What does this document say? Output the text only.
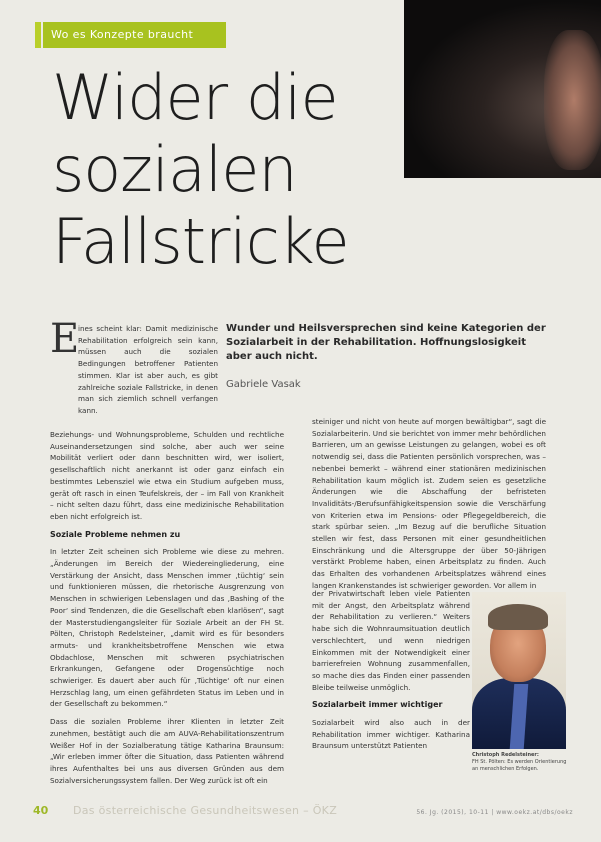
Wo es Konzepte braucht
Wider die
sozialen
Fallstricke
E

ines scheint klar: Damit medizinische Rehabilitation erfolgreich sein kann, müssen auch die sozialen Bedingungen betroffener Patienten stimmen. Klar ist aber auch, es gibt zahlreiche soziale Fallstricke, in denen man sich ziemlich schnell verfangen kann.

Wunder und Heilsversprechen sind keine Kategorien der Sozialarbeit in der Rehabilitation. Hoffnungslosigkeit aber auch nicht.
Gabriele Vasak

Beziehungs- und Wohnungsprobleme, Schulden und rechtliche Auseinandersetzungen sind solche, aber auch wer seine Mobilität verliert oder dann beschnitten wird, wer isoliert, gesellschaftlich nicht anerkannt ist oder ganz einfach ein bestimmtes Lebensziel wie etwa ein Studium aufgeben muss, gerät oft rasch in einen Teufelskreis, der – im Fall von Krankheit – nicht selten dazu führt, dass eine medizinische Rehabilitation eben nicht erfolgreich ist.

Soziale Probleme nehmen zu

In letzter Zeit scheinen sich Probleme wie diese zu mehren. „Änderungen im Bereich der Wiedereingliederung, eine Verstärkung der Ansicht, dass Menschen immer ‚tüchtig‘ sein und funktionieren müssen, die rhetorische Ausgrenzung von Menschen in schwierigen Lebenslagen und das ‚Bashing of the Poor‘ sind Tendenzen, die die Gesellschaft eben klarlösen“, sagt der Masterstudiengangsleiter für Soziale Arbeit an der FH St. Pölten, Christoph Redelsteiner, „damit wird es für besonders armuts- und krankheitsbetroffene Menschen wie etwa Obdachlose, Menschen mit schweren psychiatrischen Erkrankungen, Gefangene oder Drogensüchtige noch schwieriger. Es dauert aber auch für ‚Tüchtige‘ oft nur einen Herzschlag lang, um einen gefährdeten Status im Leben und in der Gesellschaft zu bekommen.“

Dass die sozialen Probleme ihrer Klienten in letzter Zeit zunehmen, bestätigt auch die am AUVA-Rehabilitationszentrum Weißer Hof in der Sozialberatung tätige Katharina Braunsum: „Wir erleben immer öfter die Situation, dass Patienten während ihres Aufenthaltes bei uns aus diversen Gründen aus dem Sozialversicherungssystem fallen. Der Weg zurück ist oft ein

steiniger und nicht von heute auf morgen bewältigbar“, sagt die Sozialarbeiterin. Und sie berichtet von immer mehr behördlichen Barrieren, um an gewisse Leistungen zu gelangen, wobei es oft notwendig sei, dass die Patienten persönlich vorsprechen, was – nebenbei bemerkt – während einer stationären medizinischen Rehabilitation kaum möglich ist. Zudem seien es gesetzliche Änderungen wie die Abschaffung der befristeten Invaliditäts-/Berufsunfähigkeitspension sowie die Verschärfung von Kriterien etwa im Pensions- oder Pflegegeldbereich, die stark spürbar seien. „Im Bezug auf die berufliche Situation stellen wir fest, dass Personen mit einer gesundheitlichen Einschränkung und die Altersgruppe der über 50-Jährigen verstärkt Probleme haben, einen Arbeitsplatz zu finden. Auch das Erhalten des vorhandenen Arbeitsplatzes während eines langen Krankenstandes ist schwieriger geworden. Vor allem in

der Privatwirtschaft leben viele Patienten mit der Angst, den Arbeitsplatz während der Rehabilitation zu verlieren.“ Weiters habe sich die Wohnraumsituation deutlich verschlechtert, und wenn niedrigen Einkommen mit der Notwendigkeit einer barrierefreien Wohnung zusammenfallen, so mache dies das Finden einer passenden Bleibe teilweise unmöglich.

Sozialarbeit immer wichtiger

Sozialarbeit wird also auch in der Rehabilitation immer wichtiger. Katharina Braunsum unterstützt Patienten

Christoph Redelsteiner:
FH St. Pölten: Es werden Orientierung an menschlichen Erfolgen.
40 Das österreichische Gesundheitswesen – ÖKZ	56. Jg. (2015), 10-11 | www.oekz.at/dbs/oekz
